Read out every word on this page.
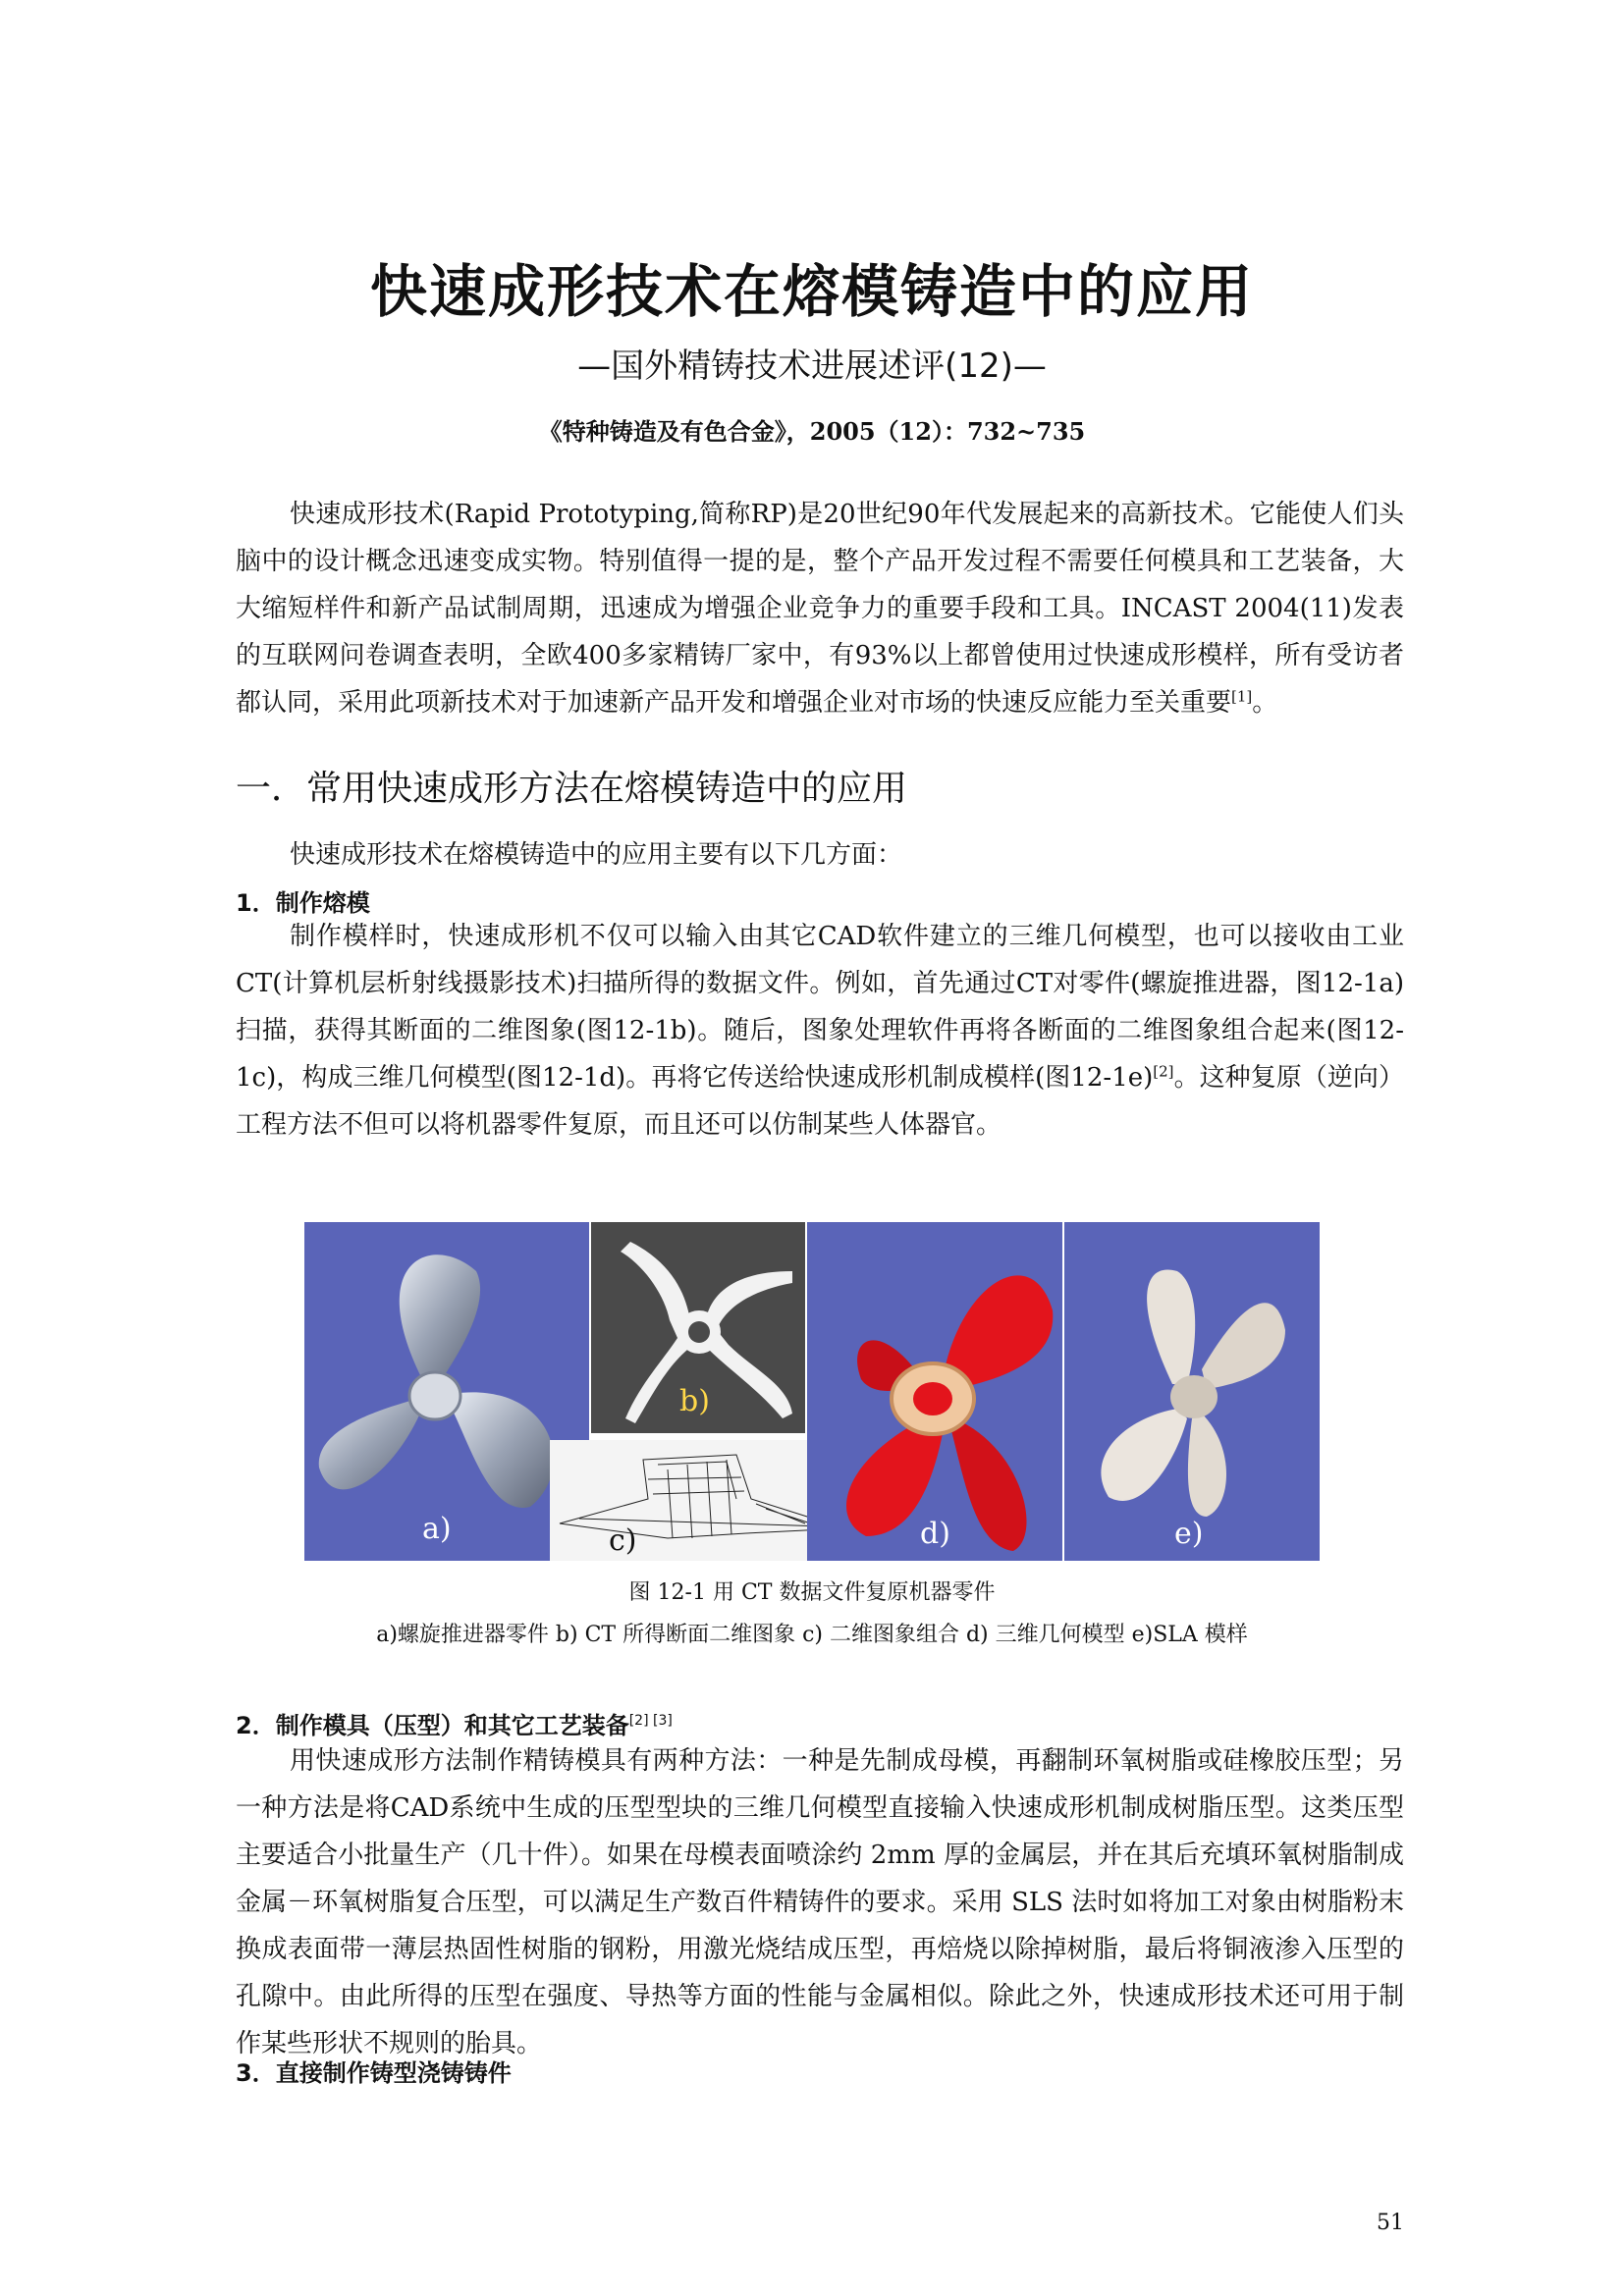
快速成形技术在熔模铸造中的应用

—国外精铸技术进展述评(12)—

《特种铸造及有色合金》，2005（12）：732~735

快速成形技术(Rapid Prototyping,简称RP)是20世纪90年代发展起来的高新技术。它能使人们头脑中的设计概念迅速变成实物。特别值得一提的是，整个产品开发过程不需要任何模具和工艺装备，大大缩短样件和新产品试制周期，迅速成为增强企业竞争力的重要手段和工具。INCAST 2004(11)发表的互联网问卷调查表明，全欧400多家精铸厂家中，有93%以上都曾使用过快速成形模样，所有受访者都认同，采用此项新技术对于加速新产品开发和增强企业对市场的快速反应能力至关重要[1]。

一．常用快速成形方法在熔模铸造中的应用

快速成形技术在熔模铸造中的应用主要有以下几方面：

1．制作熔模

制作模样时，快速成形机不仅可以输入由其它CAD软件建立的三维几何模型，也可以接收由工业CT(计算机层析射线摄影技术)扫描所得的数据文件。例如，首先通过CT对零件(螺旋推进器，图12-1a)扫描，获得其断面的二维图象(图12-1b)。随后，图象处理软件再将各断面的二维图象组合起来(图12-1c)，构成三维几何模型(图12-1d)。再将它传送给快速成形机制成模样(图12-1e)[2]。这种复原（逆向）工程方法不但可以将机器零件复原，而且还可以仿制某些人体器官。

a)
b)
c)	d)	e)

图 12-1 用 CT 数据文件复原机器零件

a)螺旋推进器零件 b) CT 所得断面二维图象 c) 二维图象组合 d) 三维几何模型 e)SLA 模样

2．制作模具（压型）和其它工艺装备[2] [3]

用快速成形方法制作精铸模具有两种方法：一种是先制成母模，再翻制环氧树脂或硅橡胶压型；另一种方法是将CAD系统中生成的压型型块的三维几何模型直接输入快速成形机制成树脂压型。这类压型主要适合小批量生产（几十件）。如果在母模表面喷涂约 2mm 厚的金属层，并在其后充填环氧树脂制成金属－环氧树脂复合压型，可以满足生产数百件精铸件的要求。采用 SLS 法时如将加工对象由树脂粉末换成表面带一薄层热固性树脂的钢粉，用激光烧结成压型，再焙烧以除掉树脂，最后将铜液渗入压型的孔隙中。由此所得的压型在强度、导热等方面的性能与金属相似。除此之外，快速成形技术还可用于制作某些形状不规则的胎具。

3．直接制作铸型浇铸铸件

51
